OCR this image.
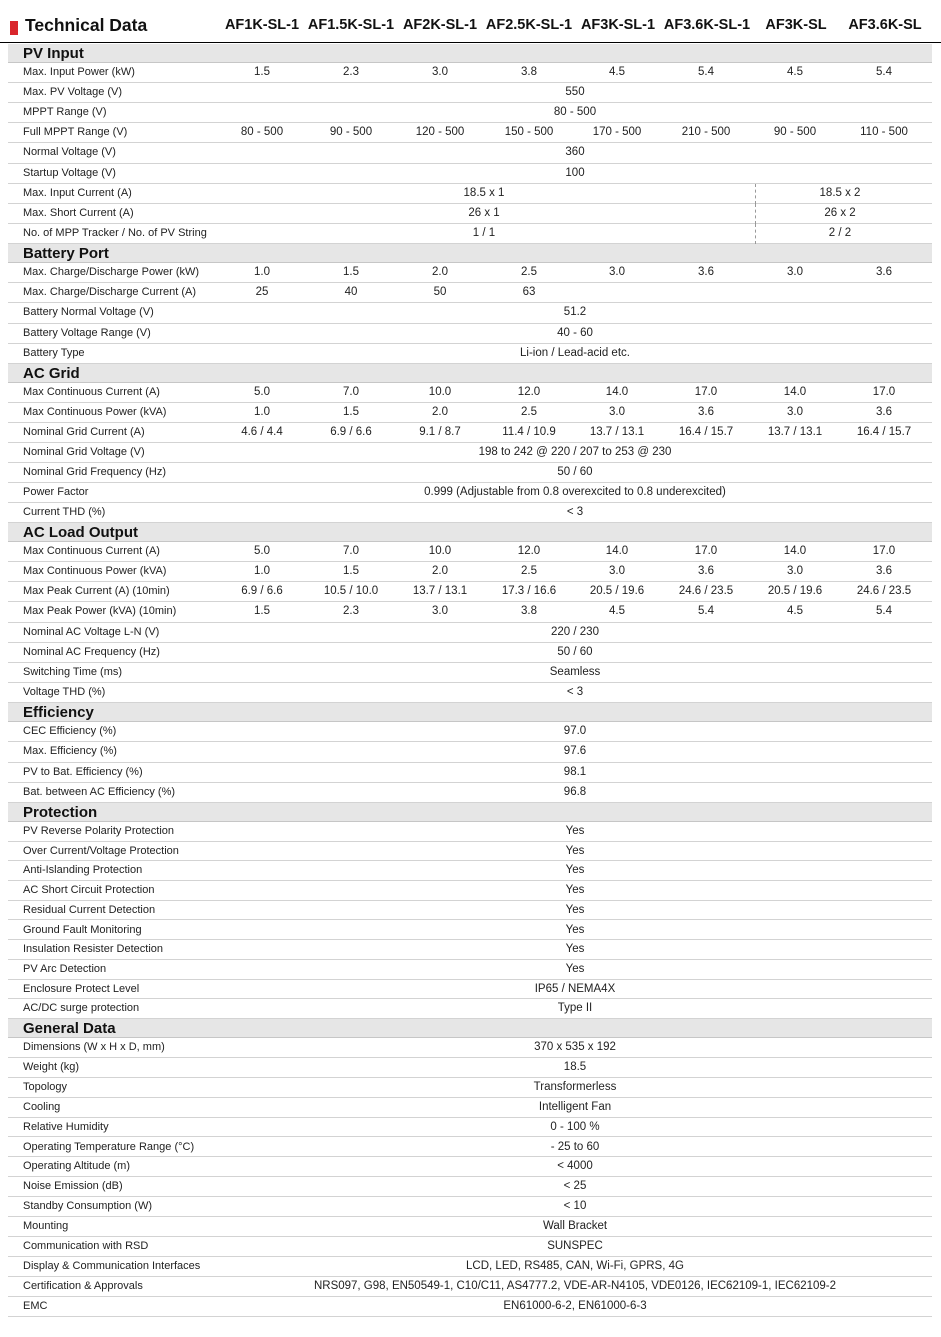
Technical Data	AF1K-SL-1 AF1.5K-SL-1 AF2K-SL-1 AF2.5K-SL-1 AF3K-SL-1 AF3.6K-SL-1	AF3K-SL	AF3.6K-SL
PV Input
Max. Input Power (kW)	1.5	2.3	3.0	3.8	4.5	5.4	4.5	5.4
Max. PV Voltage (V)	550
MPPT Range (V)	80 - 500
Full MPPT Range (V)	80 - 500	90 - 500	120 - 500	150 - 500	170 - 500	210 - 500	90 - 500	110 - 500
Normal Voltage (V)	360
Startup Voltage (V)	100
Max. Input Current (A)	18.5 x 1	18.5 x 2
Max. Short Current (A)	26 x 1	26 x 2
No. of MPP Tracker / No. of PV String	1 / 1	2 / 2
Battery Port
Max. Charge/Discharge Power (kW)	1.0	1.5	2.0	2.5	3.0	3.6	3.0	3.6
Max. Charge/Discharge Current (A)	25	40	50	63
Battery Normal Voltage (V)	51.2
Battery Voltage Range (V)	40 - 60
Battery Type	Li-ion / Lead-acid etc.
AC Grid
Max Continuous Current (A)	5.0	7.0	10.0	12.0	14.0	17.0	14.0	17.0
Max Continuous Power (kVA)	1.0	1.5	2.0	2.5	3.0	3.6	3.0	3.6
Nominal Grid Current (A)	4.6 / 4.4	6.9 / 6.6	9.1 / 8.7	11.4 / 10.9	13.7 / 13.1	16.4 / 15.7	13.7 / 13.1	16.4 / 15.7
Nominal Grid Voltage (V)	198 to 242 @ 220 / 207 to 253 @ 230
Nominal Grid Frequency (Hz)	50 / 60
Power Factor	0.999 (Adjustable from 0.8 overexcited to 0.8 underexcited)
Current THD (%)	< 3
AC Load Output
Max Continuous Current (A)	5.0	7.0	10.0	12.0	14.0	17.0	14.0	17.0
Max Continuous Power (kVA)	1.0	1.5	2.0	2.5	3.0	3.6	3.0	3.6
Max Peak Current (A) (10min)	6.9 / 6.6	10.5 / 10.0	13.7 / 13.1	17.3 / 16.6	20.5 / 19.6	24.6 / 23.5	20.5 / 19.6	24.6 / 23.5
Max Peak Power (kVA) (10min)	1.5	2.3	3.0	3.8	4.5	5.4	4.5	5.4
Nominal AC Voltage L-N (V)	220 / 230
Nominal AC Frequency (Hz)	50 / 60
Switching Time (ms)	Seamless
Voltage THD (%)	< 3
Efficiency
CEC Efficiency (%)	97.0
Max. Efficiency (%)	97.6
PV to Bat. Efficiency (%)	98.1
Bat. between AC Efficiency (%)	96.8
Protection
PV Reverse Polarity Protection	Yes
Over Current/Voltage Protection	Yes
Anti-Islanding Protection	Yes
AC Short Circuit Protection	Yes
Residual Current Detection	Yes
Ground Fault Monitoring	Yes
Insulation Resister Detection	Yes
PV Arc Detection	Yes
Enclosure Protect Level	IP65 / NEMA4X
AC/DC surge protection	Type II
General Data
Dimensions (W x H x D, mm)	370 x 535 x 192
Weight (kg)	18.5
Topology	Transformerless
Cooling	Intelligent Fan
Relative Humidity	0 - 100 %
Operating Temperature Range (°C)	- 25 to 60
Operating Altitude (m)	< 4000
Noise Emission (dB)	< 25
Standby Consumption (W)	< 10
Mounting	Wall Bracket
Communication with RSD	SUNSPEC
Display & Communication Interfaces	LCD, LED, RS485, CAN, Wi-Fi, GPRS, 4G
Certification & Approvals	NRS097, G98, EN50549-1, C10/C11, AS4777.2, VDE-AR-N4105, VDE0126, IEC62109-1, IEC62109-2
EMC	EN61000-6-2, EN61000-6-3
